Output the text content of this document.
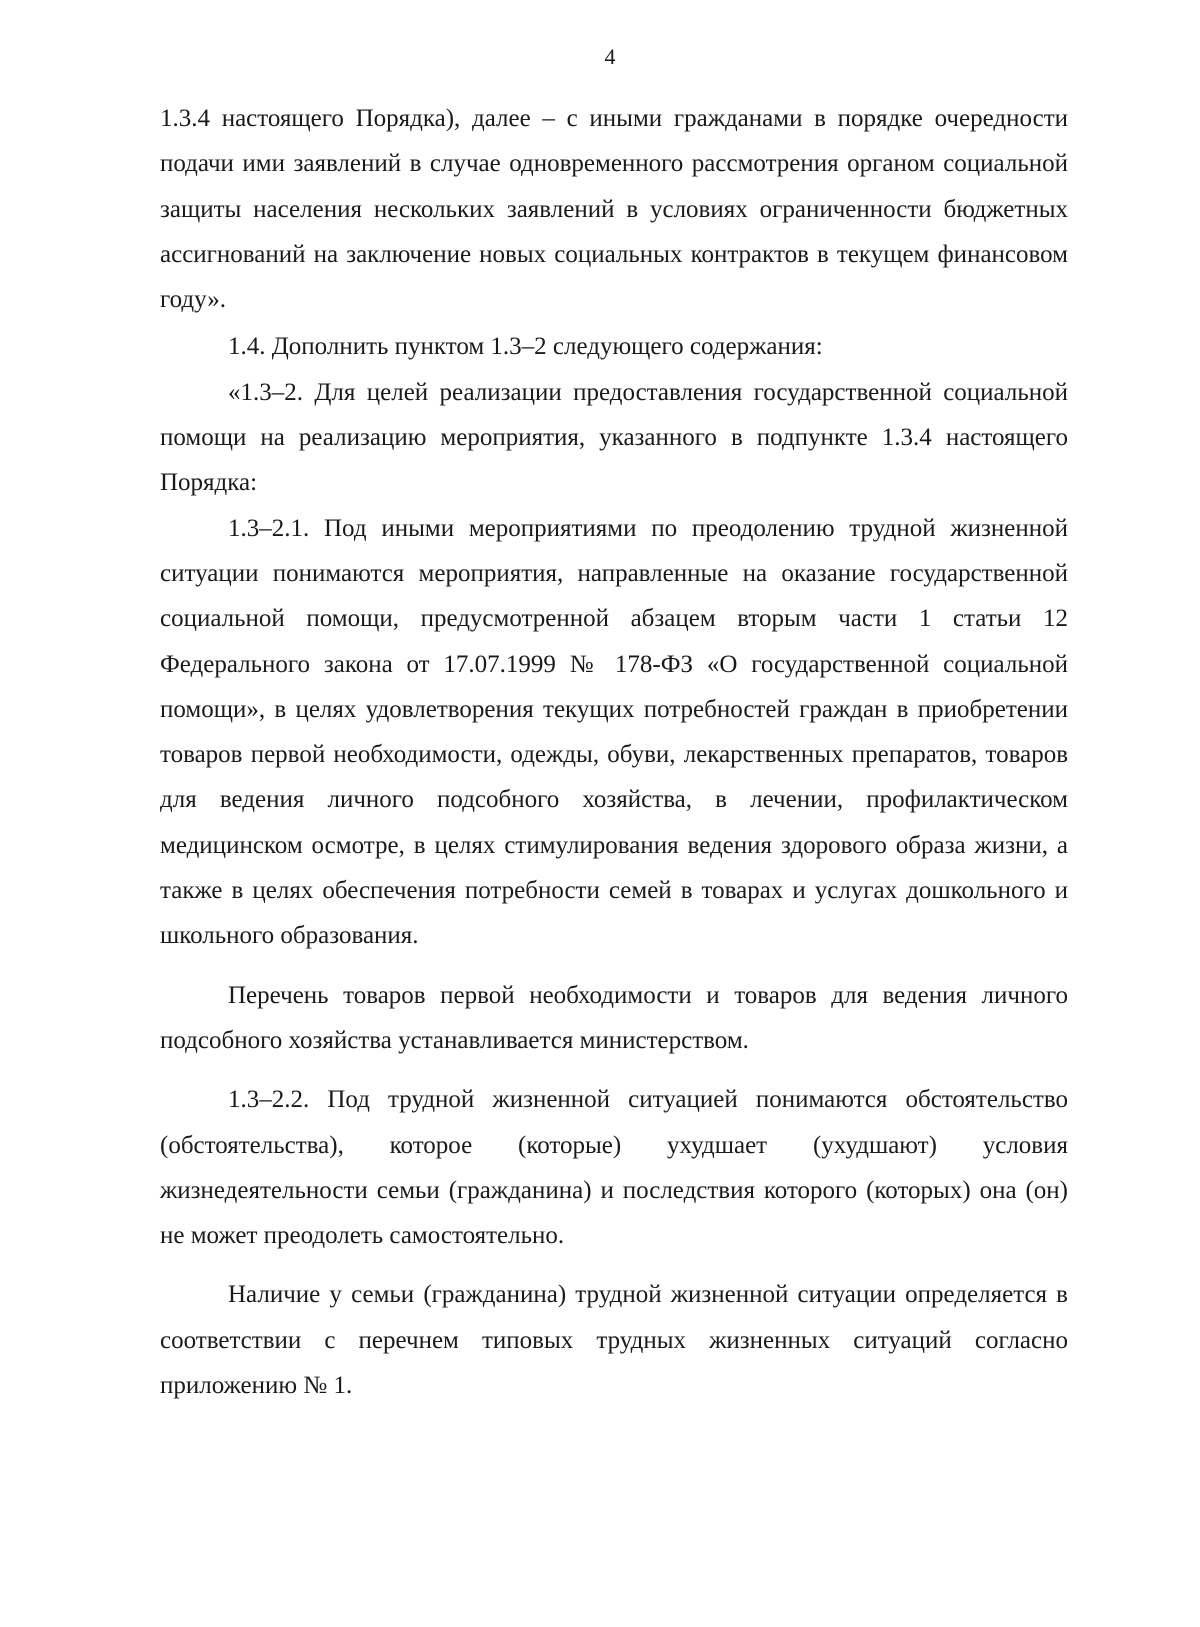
4

1.3.4 настоящего Порядка), далее – с иными гражданами в порядке очередности подачи ими заявлений в случае одновременного рассмотрения органом социальной защиты населения нескольких заявлений в условиях ограниченности бюджетных ассигнований на заключение новых социальных контрактов в текущем финансовом году».

1.4. Дополнить пунктом 1.3–2 следующего содержания:

«1.3–2. Для целей реализации предоставления государственной социальной помощи на реализацию мероприятия, указанного в подпункте 1.3.4 настоящего Порядка:

1.3–2.1. Под иными мероприятиями по преодолению трудной жизненной ситуации понимаются мероприятия, направленные на оказание государственной социальной помощи, предусмотренной абзацем вторым части 1 статьи 12 Федерального закона от 17.07.1999 № 178-ФЗ «О государственной социальной помощи», в целях удовлетворения текущих потребностей граждан в приобретении товаров первой необходимости, одежды, обуви, лекарственных препаратов, товаров для ведения личного подсобного хозяйства, в лечении, профилактическом медицинском осмотре, в целях стимулирования ведения здорового образа жизни, а также в целях обеспечения потребности семей в товарах и услугах дошкольного и школьного образования.

Перечень товаров первой необходимости и товаров для ведения личного подсобного хозяйства устанавливается министерством.

1.3–2.2. Под трудной жизненной ситуацией понимаются обстоятельство (обстоятельства), которое (которые) ухудшает (ухудшают) условия жизнедеятельности семьи (гражданина) и последствия которого (которых) она (он) не может преодолеть самостоятельно.

Наличие у семьи (гражданина) трудной жизненной ситуации определяется в соответствии с перечнем типовых трудных жизненных ситуаций согласно приложению № 1.
